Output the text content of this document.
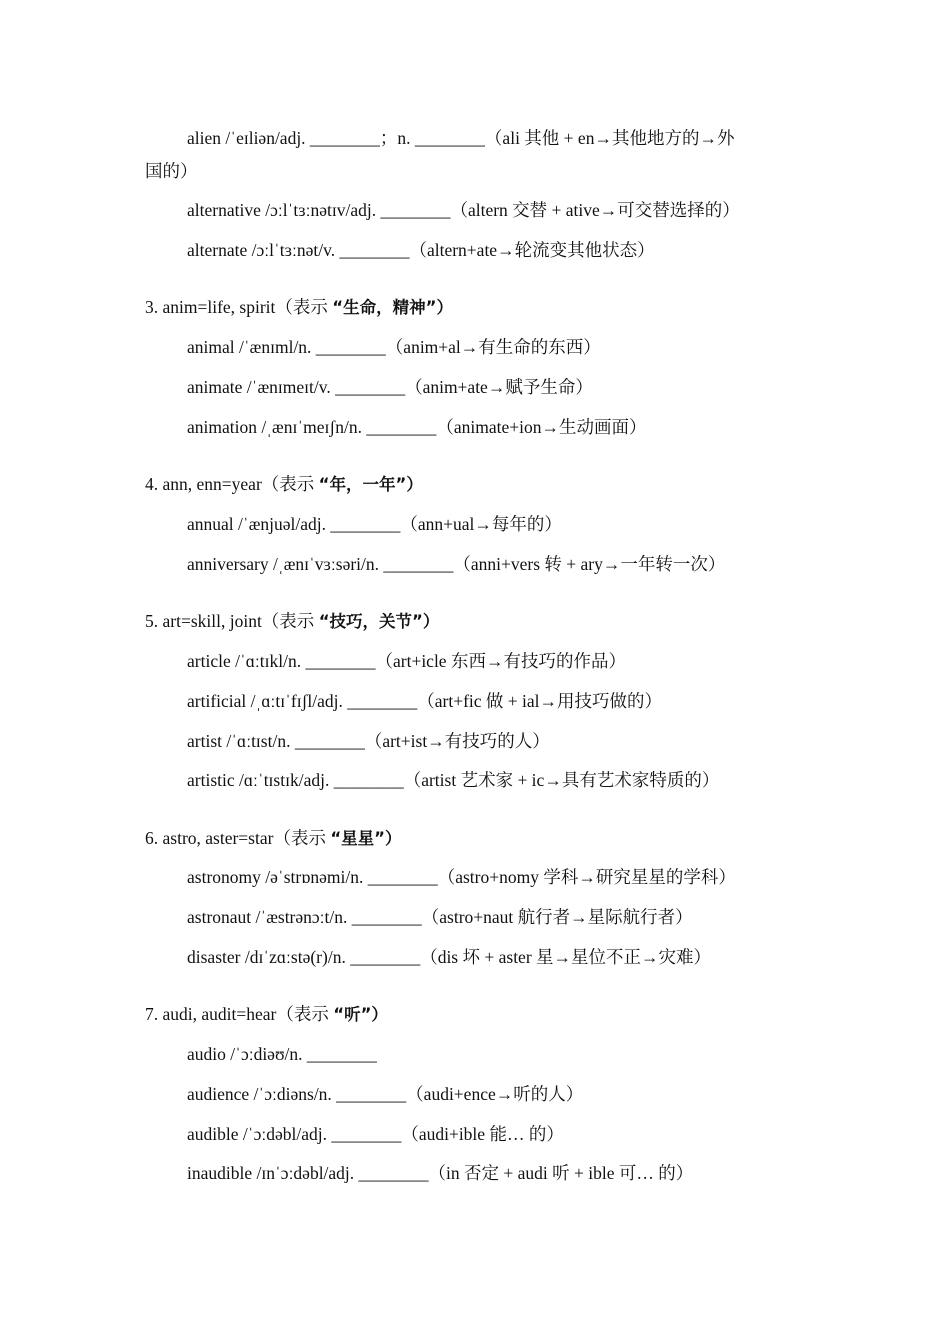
alien /ˈeɪliən/adj. ________；n. ________（ali 其他 + en→其他地方的→外
国的）
alternative /ɔːlˈtɜːnətɪv/adj. ________（altern 交替 + ative→可交替选择的）
alternate /ɔːlˈtɜːnət/v. ________（altern+ate→轮流变其他状态）
3. anim=life, spirit（表示 “生命，精神”）
animal /ˈænɪml/n. ________（anim+al→有生命的东西）
animate /ˈænɪmeɪt/v. ________（anim+ate→赋予生命）
animation /ˌænɪˈmeɪʃn/n. ________（animate+ion→生动画面）
4. ann, enn=year（表示 “年，一年”）
annual /ˈænjuəl/adj. ________（ann+ual→每年的）
anniversary /ˌænɪˈvɜːsəri/n. ________（anni+vers 转 + ary→一年转一次）
5. art=skill, joint（表示 “技巧，关节”）
article /ˈɑːtɪkl/n. ________（art+icle 东西→有技巧的作品）
artificial /ˌɑːtɪˈfɪʃl/adj. ________（art+fic 做 + ial→用技巧做的）
artist /ˈɑːtɪst/n. ________（art+ist→有技巧的人）
artistic /ɑːˈtɪstɪk/adj. ________（artist 艺术家 + ic→具有艺术家特质的）
6. astro, aster=star（表示 “星星”）
astronomy /əˈstrɒnəmi/n. ________（astro+nomy 学科→研究星星的学科）
astronaut /ˈæstrənɔːt/n. ________（astro+naut 航行者→星际航行者）
disaster /dɪˈzɑːstə(r)/n. ________（dis 坏 + aster 星→星位不正→灾难）
7. audi, audit=hear（表示 “听”）
audio /ˈɔːdiəʊ/n. ________
audience /ˈɔːdiəns/n. ________（audi+ence→听的人）
audible /ˈɔːdəbl/adj. ________（audi+ible 能… 的）
inaudible /ɪnˈɔːdəbl/adj. ________（in 否定 + audi 听 + ible 可… 的）
